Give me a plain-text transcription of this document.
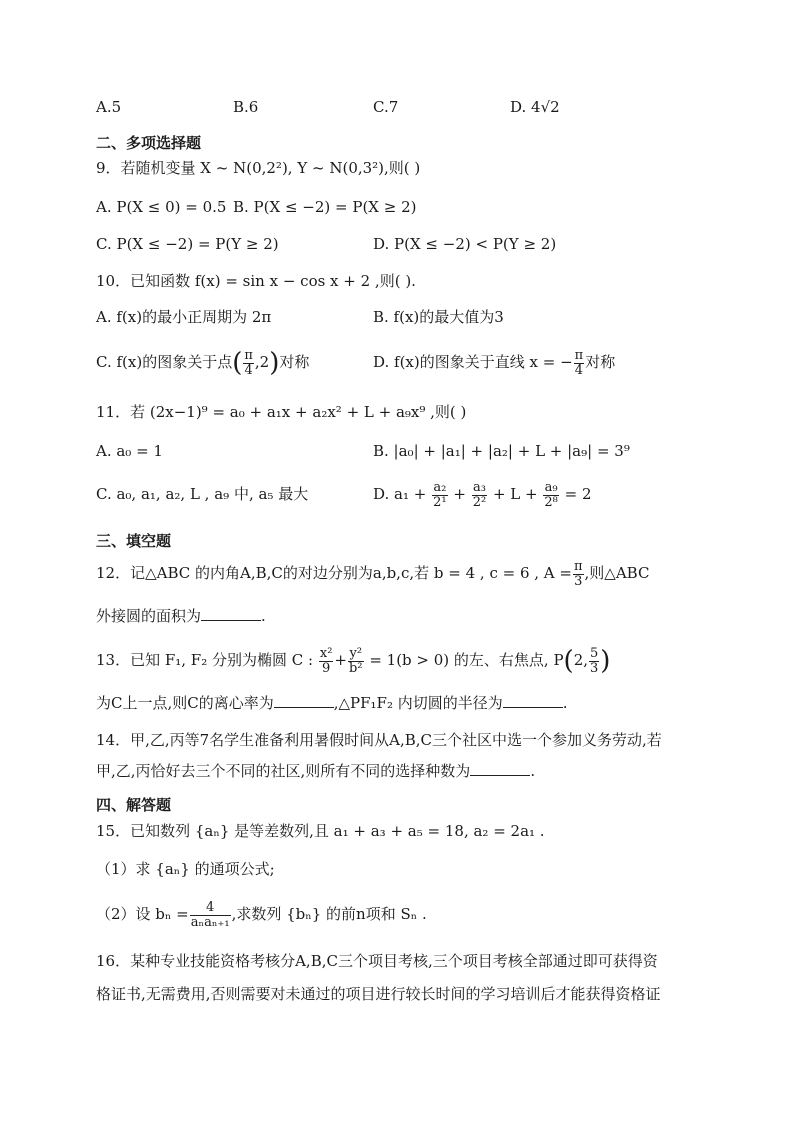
A.5	B.6	C.7	D. 4√2
二、多项选择题
9．若随机变量 X ~ N(0,2²), Y ~ N(0,3²),则( )
A. P(X ≤ 0) = 0.5 B. P(X ≤ −2) = P(X ≥ 2)
C. P(X ≤ −2) = P(Y ≥ 2)	D. P(X ≤ −2) < P(Y ≥ 2)
10．已知函数 f(x) = sin x − cos x + 2 ,则( ).
A. f(x)的最小正周期为 2π	B. f(x)的最大值为3
C. f(x)的图象关于点( $\frac{\pi}{4} ,2$)对称	D. f(x)的图象关于直线 x = − $\frac{\pi}{4}$ 对称
11．若 (2x−1)⁹ = a₀ + a₁x + a₂x² + L + a₉x⁹ ,则( )
A. a₀ = 1	B. |a₀| + |a₁| + |a₂| + L + |a₉| = 3⁹
C. a₀, a₁, a₂, L , a₉ 中, a₅ 最大	D. $a_1 + \frac{\text{a₂}}{\text{2¹}} + \frac{\text{a₃}}{\text{2²}} + L + \frac{\text{a₉}}{\text{2⁸}} = 2$
三、填空题
12．记△ABC 的内角A,B,C的对边分别为a,b,c,若 b = 4 , c = 6 , $A = \frac{\pi}{3}$ ,则△ABC
外接圆的面积为	.
13．已知 F₁, F₂ 分别为椭圆 C : $\frac{\text{x²}}{9} + \frac{\text{y²}}{\text{b²}} = 1(b > 0)$ 的左、右焦点, P(2, $\frac{5}{3}$ )
为C上一点,则C的离心率为	,△PF₁F₂ 内切圆的半径为	.
14．甲,乙,丙等7名学生准备利用暑假时间从A,B,C三个社区中选一个参加义务劳动,若
甲,乙,丙恰好去三个不同的社区,则所有不同的选择种数为	.
四、解答题
15．已知数列 {aₙ} 是等差数列,且 a₁ + a₃ + a₅ = 18, a₂ = 2a₁ .
（1）求 {aₙ} 的通项公式;
（2）设 bₙ =	4
aₙaₙ₊₁ ,求数列 {bₙ} 的前n项和 Sₙ .
16．某种专业技能资格考核分A,B,C三个项目考核,三个项目考核全部通过即可获得资
格证书,无需费用,否则需要对未通过的项目进行较长时间的学习培训后才能获得资格证
